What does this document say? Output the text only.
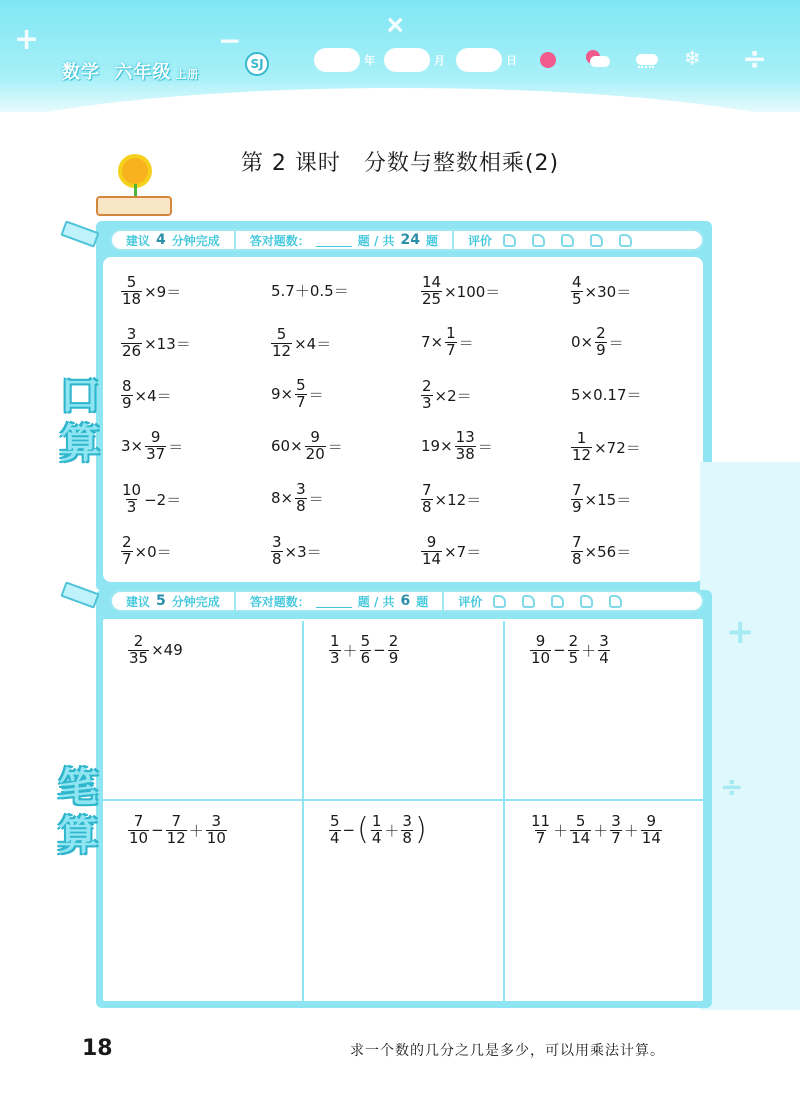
+	+
−
÷
数学 六年级 上册
SJ	年	月	日	❄
第 2 课时　分数与整数相乘(2)
建议 4 分钟完成	答对题数：	题 / 共 24 题	评价
口算
$\frac{5}{18} \times 9=$	5.7＋0.5＝	$\frac{14}{25} \times 100=$	$\frac{4}{5} \times 30=$
$\frac{3}{26} \times 13=$	$\frac{5}{12} \times 4=$	$7\times \frac{1}{7}$ ＝	$0\times \frac{2}{9}$ ＝
$\frac{8}{9} \times 4=$	$9\times \frac{5}{7}$ ＝	$\frac{2}{3} \times 2=$	5×0.17＝
$3\times \frac{9}{37}$ ＝	$60\times \frac{9}{20}$ ＝	$19\times \frac{13}{38}$ ＝	$\frac{1}{12} \times 72=$
$\frac{10}{3} -2=$	$8\times \frac{3}{8}$ ＝	$\frac{7}{8} \times 12=$	$\frac{7}{9} \times 15=$
$\frac{2}{7} \times 0=$	$\frac{3}{8} \times 3=$	$\frac{9}{14} \times 7=$	$\frac{7}{8} \times 56=$
+
÷
建议 5 分钟完成	答对题数：	题 / 共 6 题	评价
笔算
$\frac{2}{35} \times 49$	$\frac{1}{3} + \frac{5}{6} - \frac{2}{9}$	$\frac{9}{10} - \frac{2}{5} + \frac{3}{4}$
$\frac{7}{10} - \frac{7}{12} + \frac{3}{10}$	$\frac{5}{4}$ − ( $\frac{1}{4} + \frac{3}{8}$ )	$\frac{11}{7} + \frac{5}{14} + \frac{3}{7} + \frac{9}{14}$
18	求一个数的几分之几是多少，可以用乘法计算。
